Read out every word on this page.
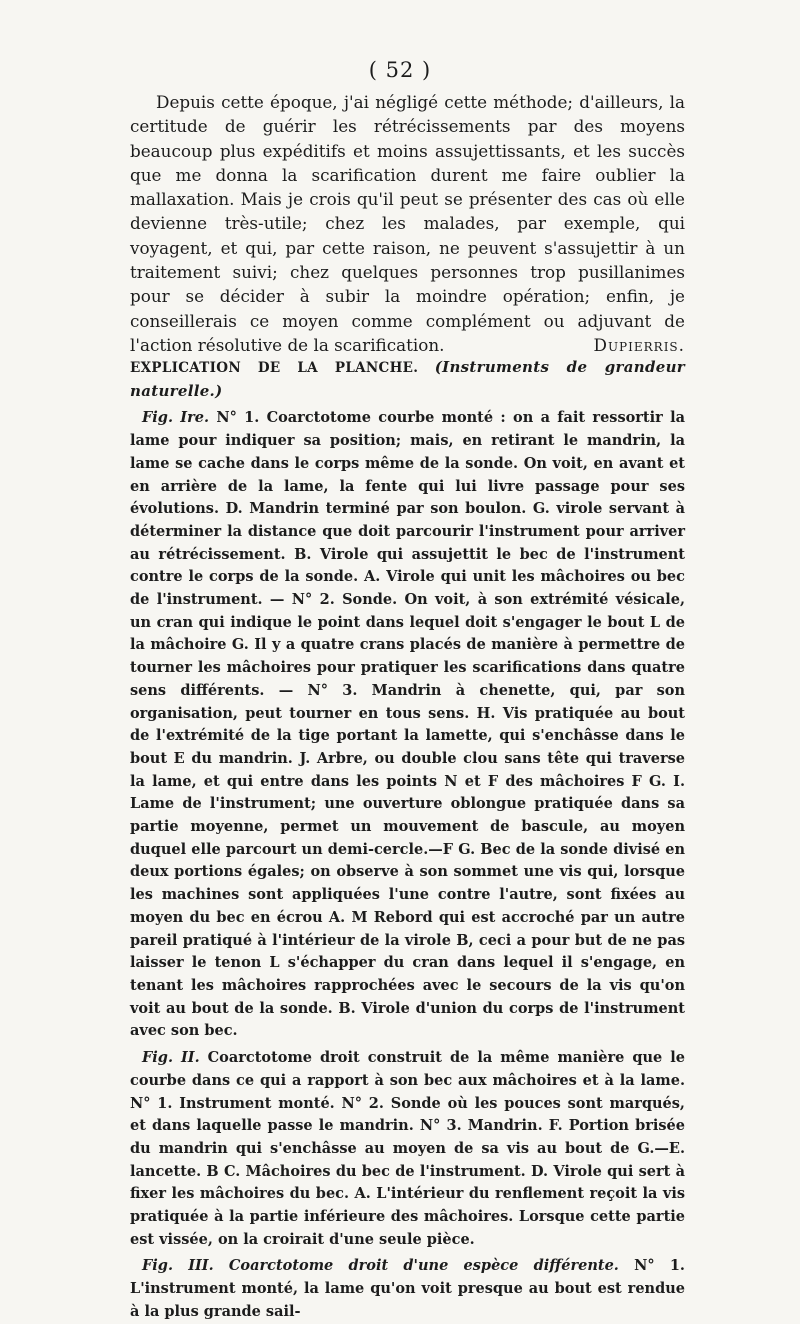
( 52 )

Depuis cette époque, j'ai négligé cette méthode; d'ailleurs, la certitude de guérir les rétrécissements par des moyens beaucoup plus expéditifs et moins assujettissants, et les succès que me donna la scarification durent me faire oublier la mallaxation. Mais je crois qu'il peut se présenter des cas où elle devienne très-utile; chez les malades, par exemple, qui voyagent, et qui, par cette raison, ne peuvent s'assujettir à un traitement suivi; chez quelques personnes trop pusillanimes pour se décider à subir la moindre opération; enfin, je conseillerais ce moyen comme complément ou adjuvant de l'action résolutive de la scarification.	Dupierris.

EXPLICATION DE LA PLANCHE. (Instruments de grandeur naturelle.)

Fig. Ire. N° 1. Coarctotome courbe monté : on a fait ressortir la lame pour indiquer sa position; mais, en retirant le mandrin, la lame se cache dans le corps même de la sonde. On voit, en avant et en arrière de la lame, la fente qui lui livre passage pour ses évolutions. D. Mandrin terminé par son boulon. G. virole servant à déterminer la distance que doit parcourir l'instrument pour arriver au rétrécissement. B. Virole qui assujettit le bec de l'instrument contre le corps de la sonde. A. Virole qui unit les mâchoires ou bec de l'instrument. — N° 2. Sonde. On voit, à son extrémité vésicale, un cran qui indique le point dans lequel doit s'engager le bout L de la mâchoire G. Il y a quatre crans placés de manière à permettre de tourner les mâchoires pour pratiquer les scarifications dans quatre sens différents. — N° 3. Mandrin à chenette, qui, par son organisation, peut tourner en tous sens. H. Vis pratiquée au bout de l'extrémité de la tige portant la lamette, qui s'enchâsse dans le bout E du mandrin. J. Arbre, ou double clou sans tête qui traverse la lame, et qui entre dans les points N et F des mâchoires F G. I. Lame de l'instrument; une ouverture oblongue pratiquée dans sa partie moyenne, permet un mouvement de bascule, au moyen duquel elle parcourt un demi-cercle.—F G. Bec de la sonde divisé en deux portions égales; on observe à son sommet une vis qui, lorsque les machines sont appliquées l'une contre l'autre, sont fixées au moyen du bec en écrou A. M Rebord qui est accroché par un autre pareil pratiqué à l'intérieur de la virole B, ceci a pour but de ne pas laisser le tenon L s'échapper du cran dans lequel il s'engage, en tenant les mâchoires rapprochées avec le secours de la vis qu'on voit au bout de la sonde. B. Virole d'union du corps de l'instrument avec son bec.

Fig. II. Coarctotome droit construit de la même manière que le courbe dans ce qui a rapport à son bec aux mâchoires et à la lame. N° 1. Instrument monté. N° 2. Sonde où les pouces sont marqués, et dans laquelle passe le mandrin. N° 3. Mandrin. F. Portion brisée du mandrin qui s'enchâsse au moyen de sa vis au bout de G.—E. lancette. B C. Mâchoires du bec de l'instrument. D. Virole qui sert à fixer les mâchoires du bec. A. L'intérieur du renflement reçoit la vis pratiquée à la partie inférieure des mâchoires. Lorsque cette partie est vissée, on la croirait d'une seule pièce.

Fig. III. Coarctotome droit d'une espèce différente. N° 1. L'instrument monté, la lame qu'on voit presque au bout est rendue à la plus grande sail-
